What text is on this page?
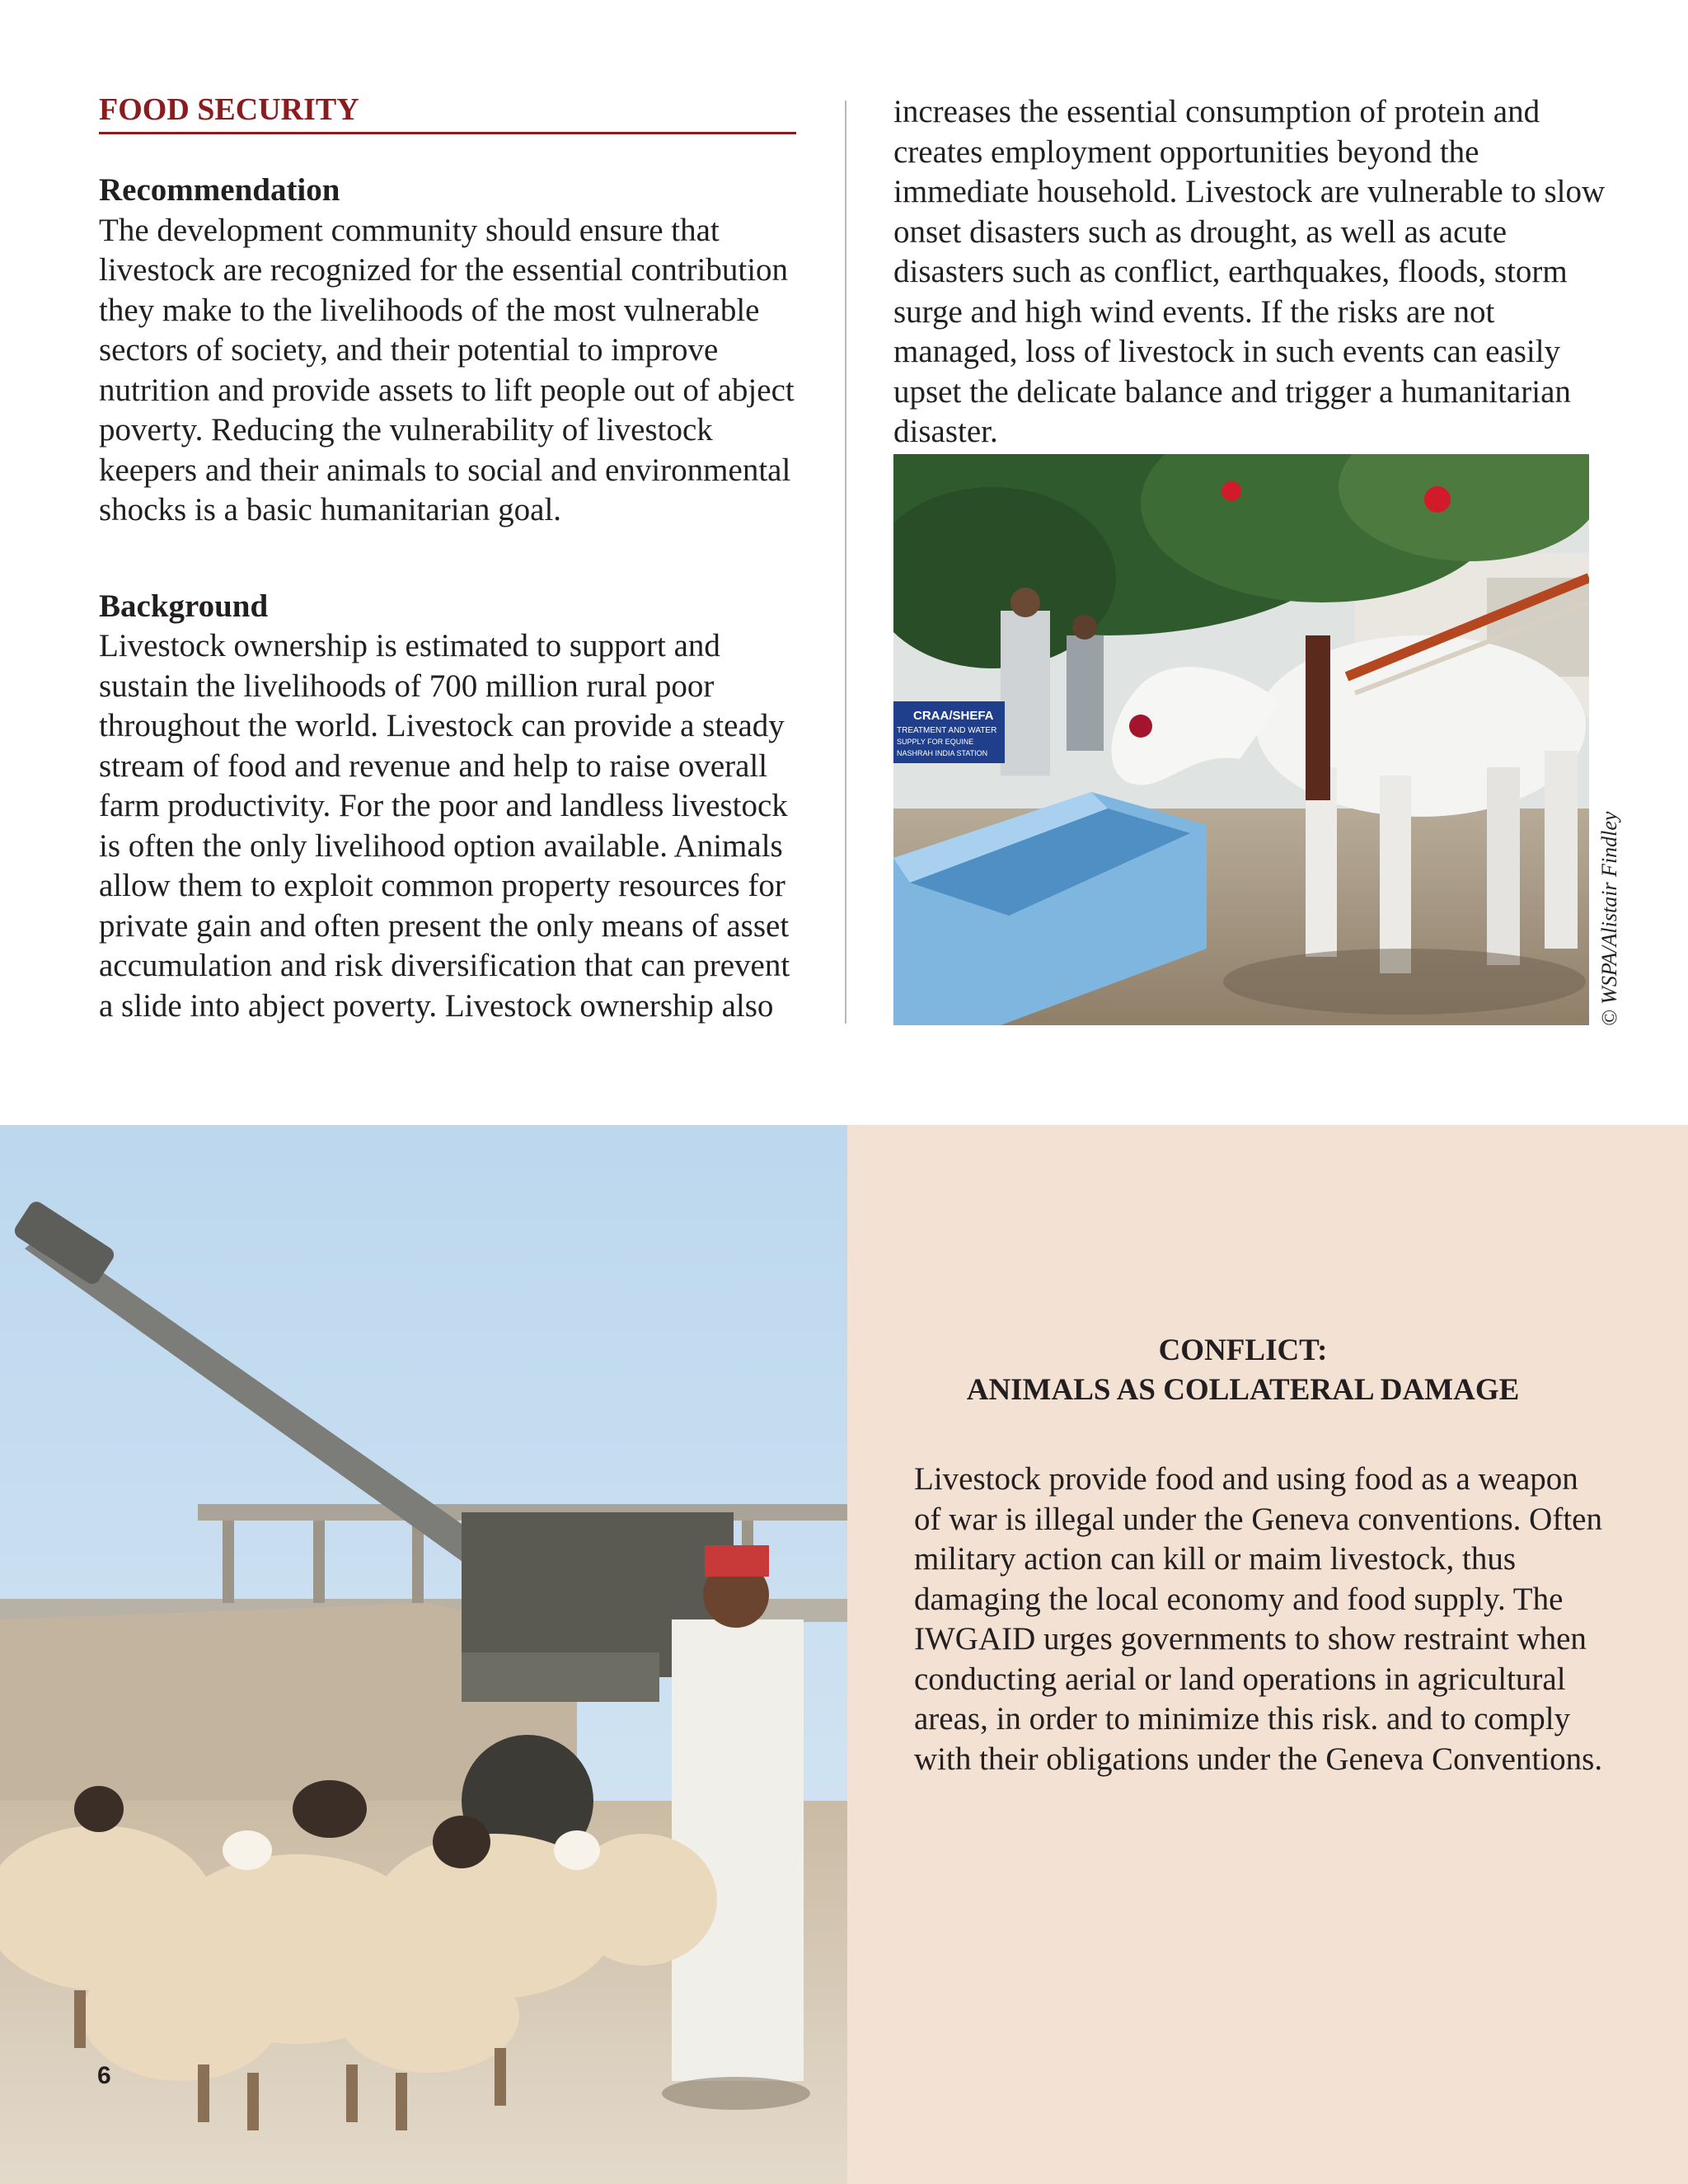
FOOD SECURITY
Recommendation

The development community should ensure that livestock are recognized for the essential contribution they make to the livelihoods of the most vulnerable sectors of society, and their potential to improve nutrition and provide assets to lift people out of abject poverty. Reducing the vulnerability of livestock keepers and their animals to social and environmental shocks is a basic humanitarian goal.

Background

Livestock ownership is estimated to support and sustain the livelihoods of 700 million rural poor throughout the world. Livestock can provide a steady stream of food and revenue and help to raise overall farm productivity. For the poor and landless livestock is often the only livelihood option available. Animals allow them to exploit common property resources for private gain and often present the only means of asset accumulation and risk diversification that can prevent a slide into abject poverty. Livestock ownership also

increases the essential consumption of protein and creates employment opportunities beyond the immediate household. Livestock are vulnerable to slow onset disasters such as drought, as well as acute disasters such as conflict, earthquakes, floods, storm surge and high wind events. If the risks are not managed, loss of livestock in such events can easily upset the delicate balance and trigger a humanitarian disaster.

CRAA/SHEFA
TREATMENT AND WATER
SUPPLY FOR EQUINE
NASHRAH INDIA STATION
© WSPA/Alistair Findley
CONFLICT:
ANIMALS AS COLLATERAL DAMAGE

Livestock provide food and using food as a weapon of war is illegal under the Geneva conventions. Often military action can kill or maim livestock, thus damaging the local economy and food supply. The IWGAID urges governments to show restraint when conducting aerial or land operations in agricultural areas, in order to minimize this risk. and to comply with their obligations under the Geneva Conventions.

6
